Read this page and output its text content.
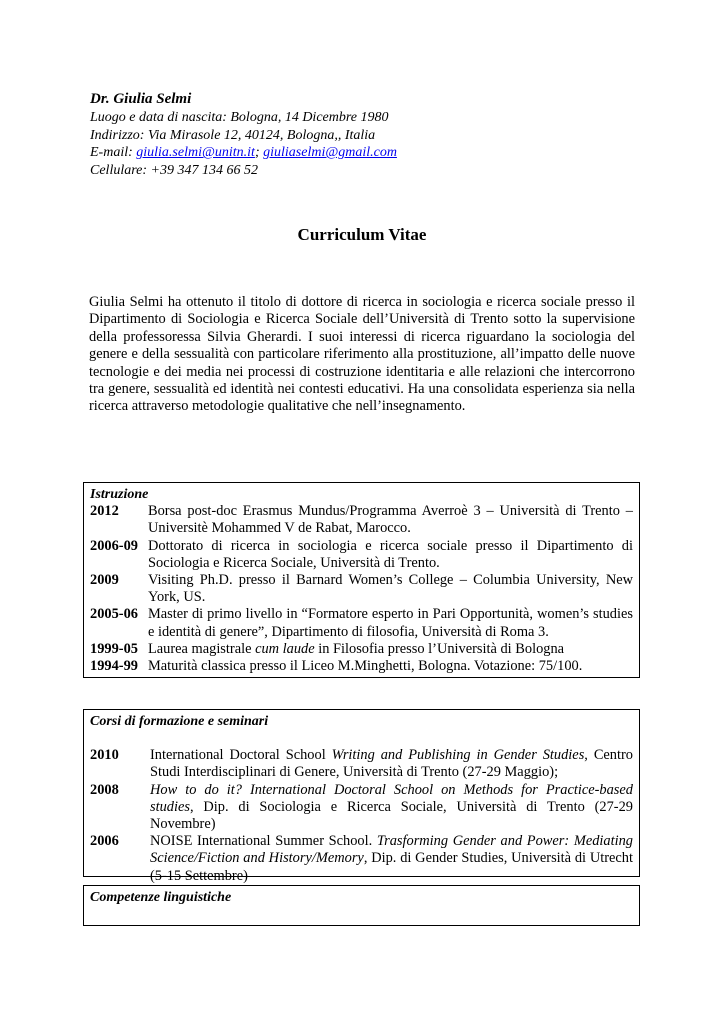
Dr. Giulia Selmi
Luogo e data di nascita: Bologna, 14 Dicembre 1980
Indirizzo: Via Mirasole 12, 40124, Bologna,, Italia
E-mail: giulia.selmi@unitn.it; giuliaselmi@gmail.com
Cellulare: +39 347 134 66 52
Curriculum Vitae
Giulia Selmi ha ottenuto il titolo di dottore di ricerca in sociologia e ricerca sociale presso il Dipartimento di Sociologia e Ricerca Sociale dell’Università di Trento sotto la supervisione della professoressa Silvia Gherardi. I suoi interessi di ricerca riguardano la sociologia del genere e della sessualità con particolare riferimento alla prostituzione, all’impatto delle nuove tecnologie e dei media nei processi di costruzione identitaria e alle relazioni che intercorrono tra genere, sessualità ed identità nei contesti educativi. Ha una consolidata esperienza sia nella ricerca attraverso metodologie qualitative che nell’insegnamento.
Istruzione
2012	Borsa post-doc Erasmus Mundus/Programma Averroè 3 – Università di Trento – Universitè Mohammed V de Rabat, Marocco.
2006-09 Dottorato di ricerca in sociologia e ricerca sociale presso il Dipartimento di Sociologia e Ricerca Sociale, Università di Trento.
2009	Visiting Ph.D. presso il Barnard Women’s College – Columbia University, New York, US.
2005-06 Master di primo livello in “Formatore esperto in Pari Opportunità, women’s studies e identità di genere”, Dipartimento di filosofia, Università di Roma 3.
1999-05 Laurea magistrale cum laude in Filosofia presso l’Università di Bologna
1994-99 Maturità classica presso il Liceo M.Minghetti, Bologna. Votazione: 75/100.
Corsi di formazione e seminari
2010	International Doctoral School Writing and Publishing in Gender Studies, Centro Studi Interdisciplinari di Genere, Università di Trento (27-29 Maggio);
2008	How to do it? International Doctoral School on Methods for Practice-based studies, Dip. di Sociologia e Ricerca Sociale, Università di Trento (27-29 Novembre)
2006	NOISE International Summer School. Trasforming Gender and Power: Mediating Science/Fiction and History/Memory, Dip. di Gender Studies, Università di Utrecht (5-15 Settembre)
Competenze linguistiche
